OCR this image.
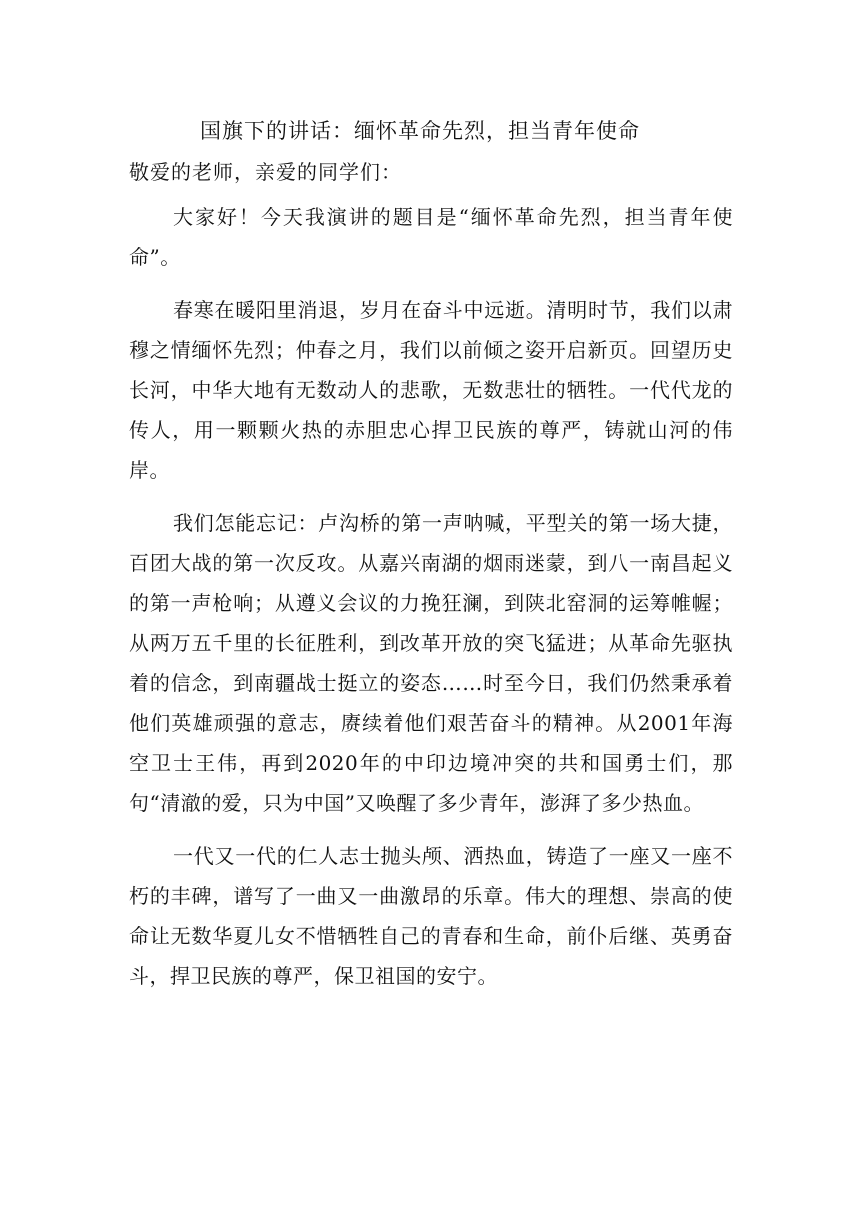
国旗下的讲话：缅怀革命先烈，担当青年使命
敬爱的老师，亲爱的同学们：

大家好！今天我演讲的题目是“缅怀革命先烈，担当青年使命”。

春寒在暖阳里消退，岁月在奋斗中远逝。清明时节，我们以肃穆之情缅怀先烈；仲春之月，我们以前倾之姿开启新页。回望历史长河，中华大地有无数动人的悲歌，无数悲壮的牺牲。一代代龙的传人，用一颗颗火热的赤胆忠心捍卫民族的尊严，铸就山河的伟岸。

我们怎能忘记：卢沟桥的第一声呐喊，平型关的第一场大捷，百团大战的第一次反攻。从嘉兴南湖的烟雨迷蒙，到八一南昌起义的第一声枪响；从遵义会议的力挽狂澜，到陕北窑洞的运筹帷幄；从两万五千里的长征胜利，到改革开放的突飞猛进；从革命先驱执着的信念，到南疆战士挺立的姿态……时至今日，我们仍然秉承着他们英雄顽强的意志，赓续着他们艰苦奋斗的精神。从2001年海空卫士王伟，再到2020年的中印边境冲突的共和国勇士们，那句“清澈的爱，只为中国”又唤醒了多少青年，澎湃了多少热血。

一代又一代的仁人志士抛头颅、洒热血，铸造了一座又一座不朽的丰碑，谱写了一曲又一曲激昂的乐章。伟大的理想、崇高的使命让无数华夏儿女不惜牺牲自己的青春和生命，前仆后继、英勇奋斗，捍卫民族的尊严，保卫祖国的安宁。
